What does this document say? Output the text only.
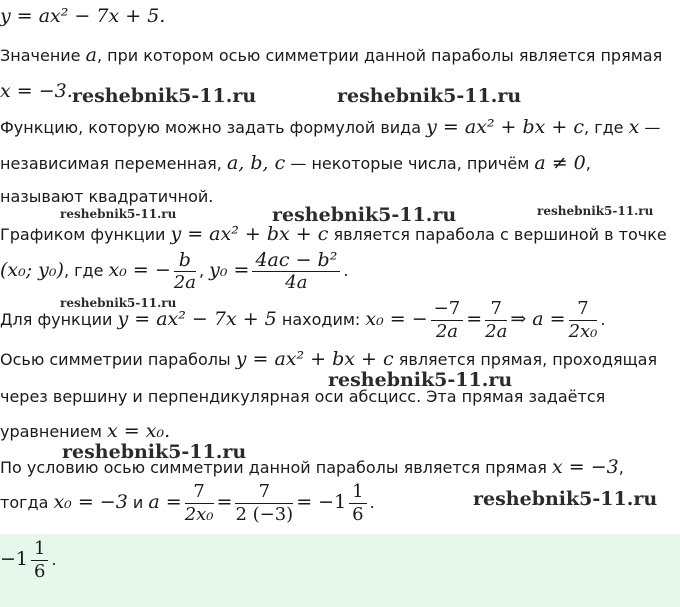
y = ax² − 7x + 5.
Значение a, при котором осью симметрии данной параболы является прямая
x = −3.
Функцию, которую можно задать формулой вида y = ax² + bx + c, где x —
независимая переменная, a, b, c — некоторые числа, причём a ≠ 0,
называют квадратичной.
Графиком функции y = ax² + bx + c является парабола с вершиной в точке
(x₀; y₀), где x₀ = − $\frac{b}{2a}$ , $y_0 = \frac{\text{4ac − b²}}{4a}$ .
Для функции y = ax² − 7x + 5 находим: x₀ = − $\frac{-7}{2a} = \frac{7}{2a}$ ⇒ $a = \frac{7}{\text{2x₀}}$ .
Осью симметрии параболы y = ax² + bx + c является прямая, проходящая
через вершину и перпендикулярная оси абсцисс. Эта прямая задаётся
уравнением x = x₀.
По условию осью симметрии данной параболы является прямая x = −3,
тогда x₀ = −3 и $a = \frac{7}{\text{2x₀}} = \frac{7}{2 (-3)} = -1 \frac{1}{6}$ .
$-1 \frac{1}{6}$ .
reshebnik5-11.ru	reshebnik5-11.ru
reshebnik5-11.ru	reshebnik5-11.ru	reshebnik5-11.ru
reshebnik5-11.ru
reshebnik5-11.ru
reshebnik5-11.ru
reshebnik5-11.ru
